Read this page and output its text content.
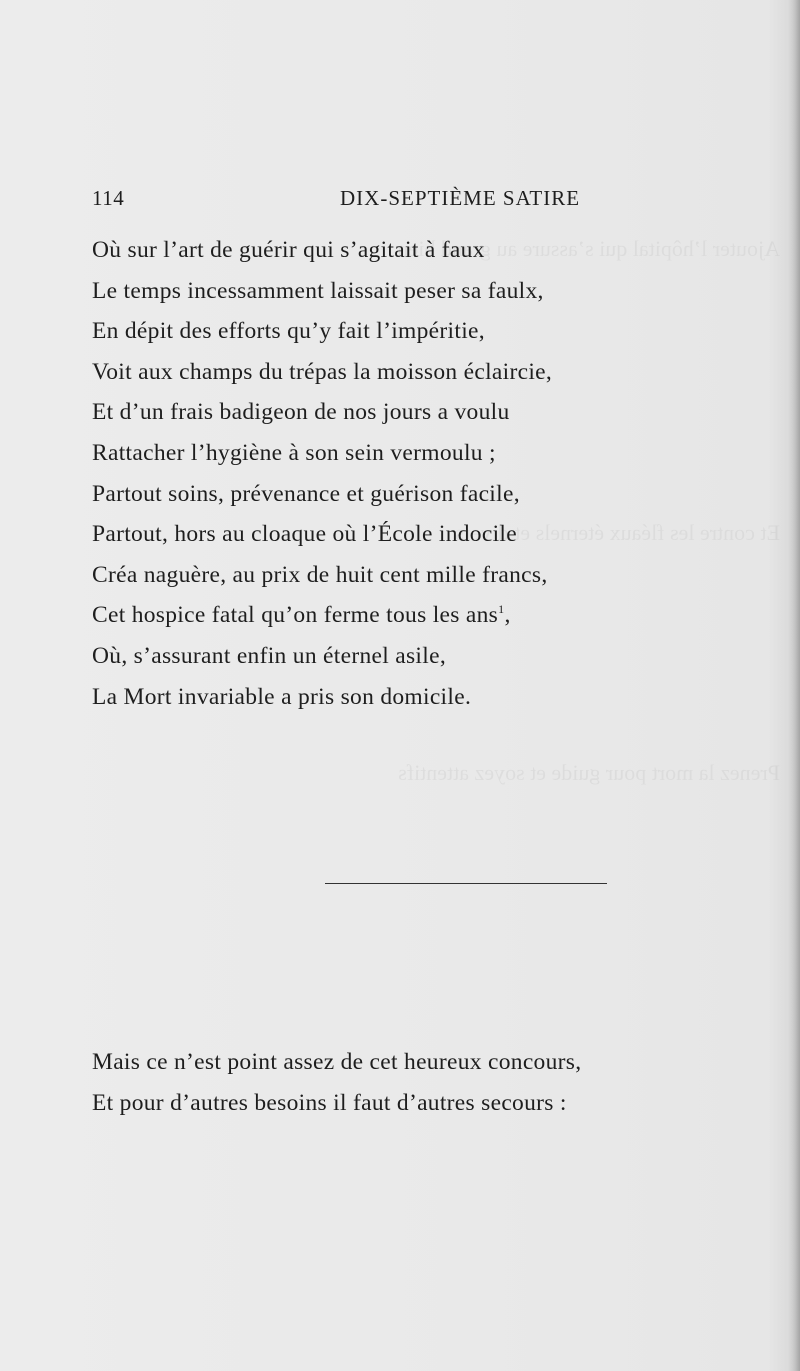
Ajouter l’hôpital qui s’assure au grand bien
Et contre les fléaux éternels et divers
Prenez la mort pour guide et soyez attentifs
114	DIX-SEPTIÈME SATIRE
Où sur l’art de guérir qui s’agitait à faux
Le temps incessamment laissait peser sa faulx,
En dépit des efforts qu’y fait l’impéritie,
Voit aux champs du trépas la moisson éclaircie,
Et d’un frais badigeon de nos jours a voulu
Rattacher l’hygiène à son sein vermoulu ;
Partout soins, prévenance et guérison facile,
Partout, hors au cloaque où l’École indocile
Créa naguère, au prix de huit cent mille francs,
Cet hospice fatal qu’on ferme tous les ans$^1$,
Où, s’assurant enfin un éternel asile,
La Mort invariable a pris son domicile.
Mais ce n’est point assez de cet heureux concours,
Et pour d’autres besoins il faut d’autres secours :
